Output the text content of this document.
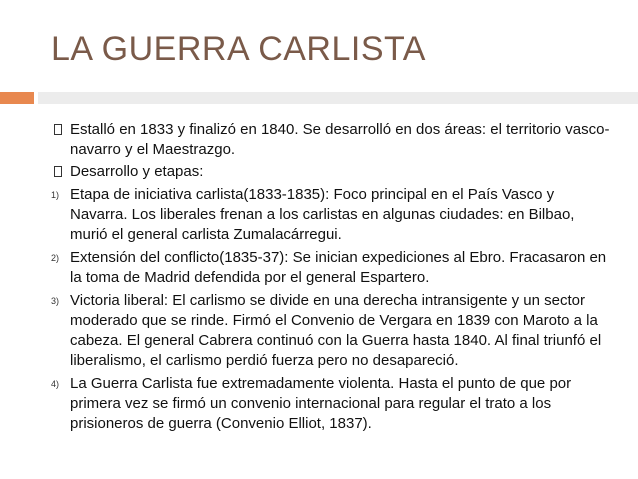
LA GUERRA CARLISTA
Estalló en 1833 y finalizó en 1840. Se desarrolló en dos áreas: el territorio vasco-navarro y el Maestrazgo.
Desarrollo y etapas:
1) Etapa de iniciativa carlista(1833-1835): Foco principal en el País Vasco y Navarra. Los liberales frenan a los carlistas en algunas ciudades: en Bilbao, murió el general carlista Zumalacárregui.
2) Extensión del conflicto(1835-37): Se inician expediciones al Ebro. Fracasaron en la toma de Madrid defendida por el general Espartero.
3) Victoria liberal: El carlismo se divide en una derecha intransigente y un sector moderado que se rinde. Firmó el Convenio de Vergara en 1839 con Maroto a la cabeza. El general Cabrera continuó con la Guerra hasta 1840. Al final triunfó el liberalismo, el carlismo perdió fuerza pero no desapareció.
4) La Guerra Carlista fue extremadamente violenta. Hasta el punto de que por primera vez se firmó un convenio internacional para regular el trato a los prisioneros de guerra (Convenio Elliot, 1837).
